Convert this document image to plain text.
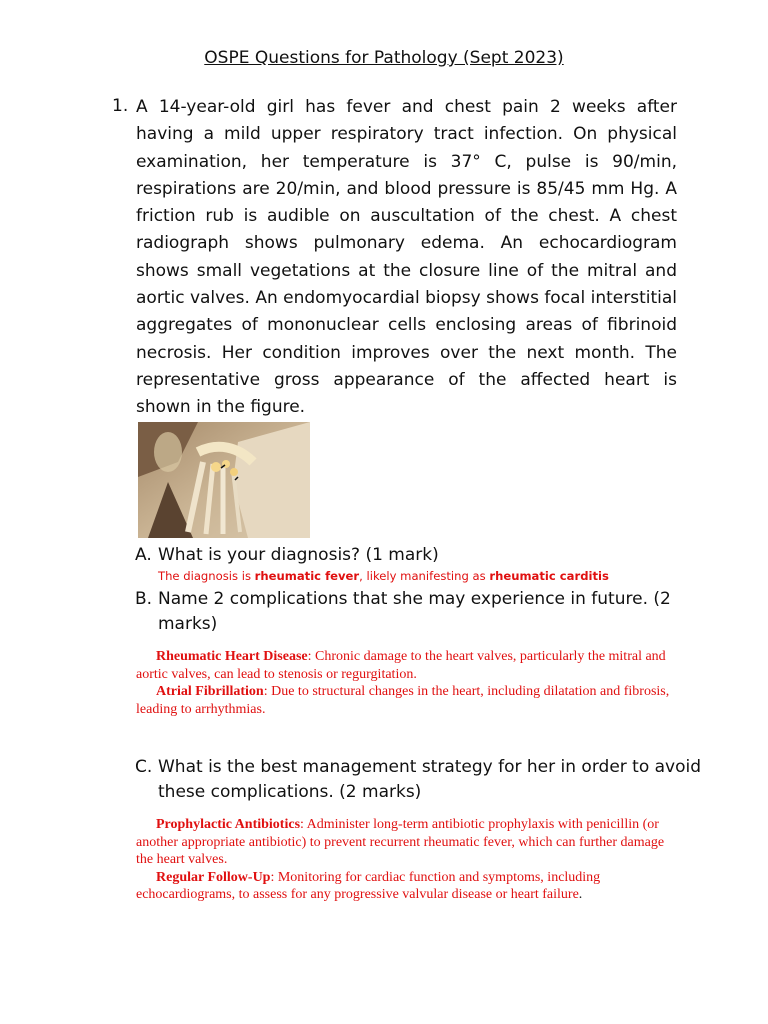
OSPE Questions for Pathology (Sept 2023)
1. A 14-year-old girl has fever and chest pain 2 weeks after having a mild upper respiratory tract infection. On physical examination, her temperature is 37° C, pulse is 90/min, respirations are 20/min, and blood pressure is 85/45 mm Hg. A friction rub is audible on auscultation of the chest. A chest radiograph shows pulmonary edema. An echocardiogram shows small vegetations at the closure line of the mitral and aortic valves. An endomyocardial biopsy shows focal interstitial aggregates of mononuclear cells enclosing areas of fibrinoid necrosis. Her condition improves over the next month. The representative gross appearance of the affected heart is shown in the figure.
A. What is your diagnosis? (1 mark)
The diagnosis is rheumatic fever, likely manifesting as rheumatic carditis
B. Name 2 complications that she may experience in future. (2
marks)

Rheumatic Heart Disease: Chronic damage to the heart valves, particularly the mitral and aortic valves, can lead to stenosis or regurgitation.

Atrial Fibrillation: Due to structural changes in the heart, including dilatation and fibrosis, leading to arrhythmias.

C. What is the best management strategy for her in order to avoid
these complications. (2 marks)

Prophylactic Antibiotics: Administer long-term antibiotic prophylaxis with penicillin (or another appropriate antibiotic) to prevent recurrent rheumatic fever, which can further damage the heart valves.

Regular Follow-Up: Monitoring for cardiac function and symptoms, including echocardiograms, to assess for any progressive valvular disease or heart failure.
